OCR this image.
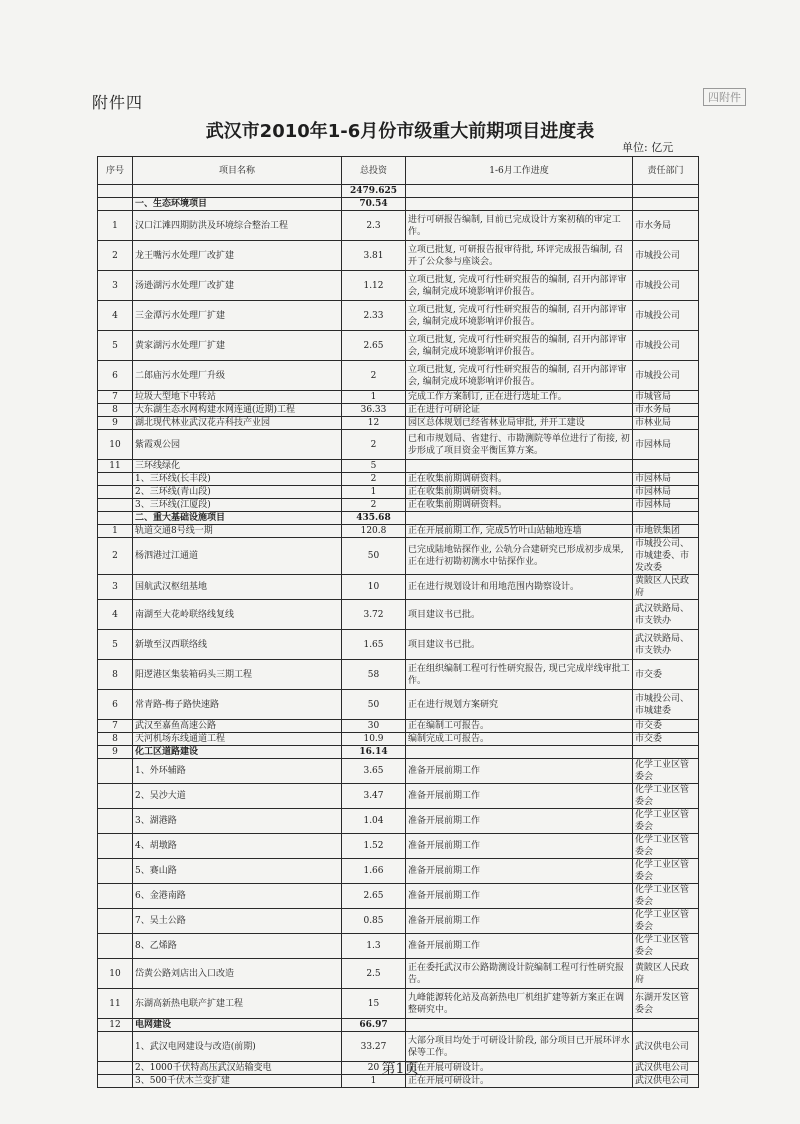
附件四	四附件
武汉市2010年1-6月份市级重大前期项目进度表
单位: 亿元
序号	项目名称	总投资	1-6月工作进度	责任部门
		2479.625		
	一、生态环境项目	70.54		
1	汉口江滩四期防洪及环境综合整治工程	2.3	进行可研报告编制, 目前已完成设计方案初稿的审定工作。	市水务局
2	龙王嘴污水处理厂改扩建	3.81	立项已批复, 可研报告报审待批, 环评完成报告编制, 召开了公众参与座谈会。	市城投公司
3	汤逊湖污水处理厂改扩建	1.12	立项已批复, 完成可行性研究报告的编制, 召开内部评审会, 编制完成环境影响评价报告。	市城投公司
4	三金潭污水处理厂扩建	2.33	立项已批复, 完成可行性研究报告的编制, 召开内部评审会, 编制完成环境影响评价报告。	市城投公司
5	黄家湖污水处理厂扩建	2.65	立项已批复, 完成可行性研究报告的编制, 召开内部评审会, 编制完成环境影响评价报告。	市城投公司
6	二郎庙污水处理厂升级	2	立项已批复, 完成可行性研究报告的编制, 召开内部评审会, 编制完成环境影响评价报告。	市城投公司
7	垃圾大型地下中转站	1	完成工作方案制订, 正在进行选址工作。	市城管局
8	大东湖生态水网构建水网连通(近期)工程	36.33	正在进行可研论证	市水务局
9	湖北现代林业武汉花卉科技产业园	12	园区总体规划已经省林业局审批, 并开工建设	市林业局
10	紫霞观公园	2	已和市规划局、省建行、市勘测院等单位进行了衔接, 初步形成了项目资金平衡匡算方案。	市园林局
11	三环线绿化	5		
	1、三环线(长丰段)	2	正在收集前期调研资料。	市园林局
	2、三环线(青山段)	1	正在收集前期调研资料。	市园林局
	3、三环线(江厦段)	2	正在收集前期调研资料。	市园林局
	二、重大基础设施项目	435.68		
1	轨道交通8号线一期	120.8	正在开展前期工作, 完成5竹叶山站轴地连墙	市地铁集团
2	杨泗港过江通道	50	已完成陆地钻探作业, 公轨分合建研究已形成初步成果, 正在进行初勘初测水中钻探作业。	市城投公司、市城建委、市发改委
3	国航武汉枢纽基地	10	正在进行规划设计和用地范围内勘察设计。	黄陂区人民政府
4	南湖至大花岭联络线复线	3.72	项目建议书已批。	武汉铁路局、市支铁办
5	新墩至汉西联络线	1.65	项目建议书已批。	武汉铁路局、市支铁办
8	阳逻港区集装箱码头三期工程	58	正在组织编制工程可行性研究报告, 现已完成岸线审批工作。	市交委
6	常青路-梅子路快速路	50	正在进行规划方案研究	市城投公司、市城建委
7	武汉至嘉鱼高速公路	30	正在编制工可报告。	市交委
8	天河机场东线通道工程	10.9	编制完成工可报告。	市交委
9	化工区道路建设	16.14		
	1、外环辅路	3.65	准备开展前期工作	化学工业区管委会
	2、吴沙大道	3.47	准备开展前期工作	化学工业区管委会
	3、湖港路	1.04	准备开展前期工作	化学工业区管委会
	4、胡墩路	1.52	准备开展前期工作	化学工业区管委会
	5、赛山路	1.66	准备开展前期工作	化学工业区管委会
	6、金港南路	2.65	准备开展前期工作	化学工业区管委会
	7、吴土公路	0.85	准备开展前期工作	化学工业区管委会
	8、乙烯路	1.3	准备开展前期工作	化学工业区管委会
10	岱黄公路刘店出入口改造	2.5	正在委托武汉市公路勘测设计院编制工程可行性研究报告。	黄陂区人民政府
11	东湖高新热电联产扩建工程	15	九峰能源转化站及高新热电厂机组扩建等新方案正在调整研究中。	东湖开发区管委会
12	电网建设	66.97		
	1、武汉电网建设与改造(前期)	33.27	大部分项目均处于可研设计阶段, 部分项目已开展环评水保等工作。	武汉供电公司
	2、1000千伏特高压武汉站输变电	20	正在开展可研设计。	武汉供电公司
	3、500千伏木兰变扩建	1	正在开展可研设计。	武汉供电公司
第1页
